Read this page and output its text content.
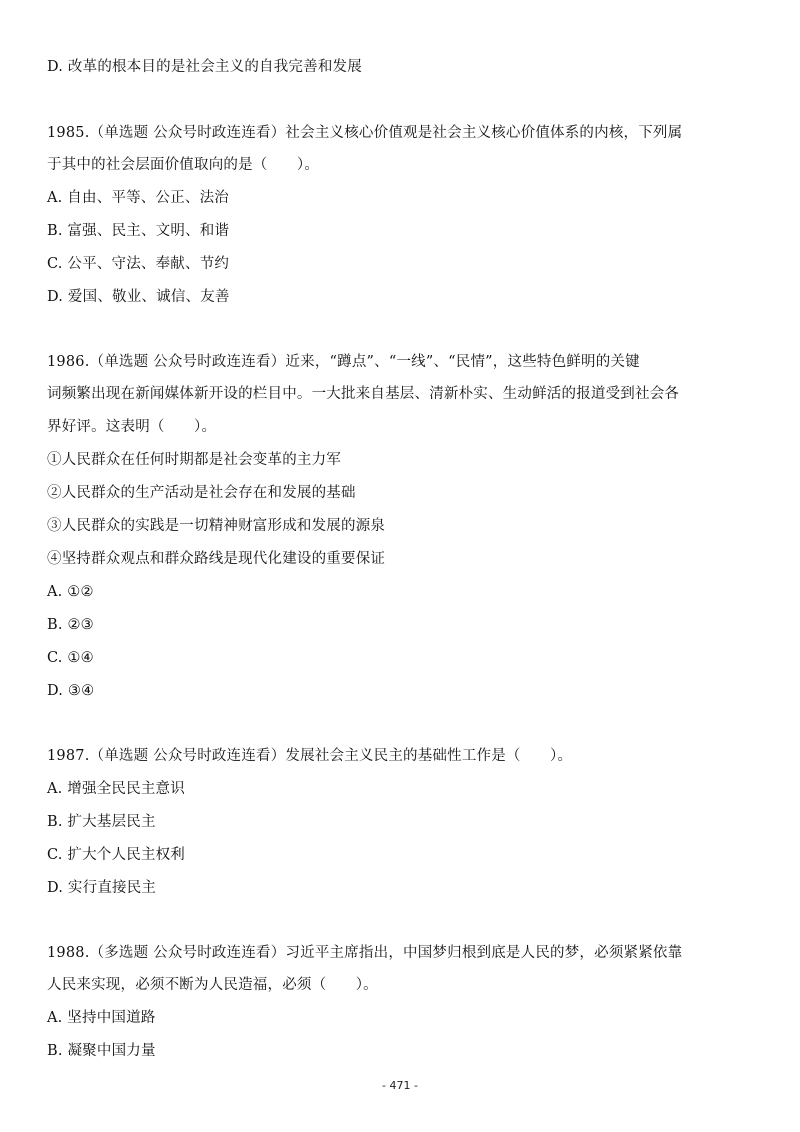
D. 改革的根本目的是社会主义的自我完善和发展
1985.（单选题 公众号时政连连看）社会主义核心价值观是社会主义核心价值体系的内核，下列属
于其中的社会层面价值取向的是（　　）。
A. 自由、平等、公正、法治
B. 富强、民主、文明、和谐
C. 公平、守法、奉献、节约
D. 爱国、敬业、诚信、友善
1986.（单选题 公众号时政连连看）近来，“蹲点”、“一线”、“民情”，这些特色鲜明的关键
词频繁出现在新闻媒体新开设的栏目中。一大批来自基层、清新朴实、生动鲜活的报道受到社会各
界好评。这表明（　　）。
①人民群众在任何时期都是社会变革的主力军
②人民群众的生产活动是社会存在和发展的基础
③人民群众的实践是一切精神财富形成和发展的源泉
④坚持群众观点和群众路线是现代化建设的重要保证
A. ①②
B. ②③
C. ①④
D. ③④
1987.（单选题 公众号时政连连看）发展社会主义民主的基础性工作是（　　）。
A. 增强全民民主意识
B. 扩大基层民主
C. 扩大个人民主权利
D. 实行直接民主
1988.（多选题 公众号时政连连看）习近平主席指出，中国梦归根到底是人民的梦，必须紧紧依靠
人民来实现，必须不断为人民造福，必须（　　）。
A. 坚持中国道路
B. 凝聚中国力量
- 471 -
